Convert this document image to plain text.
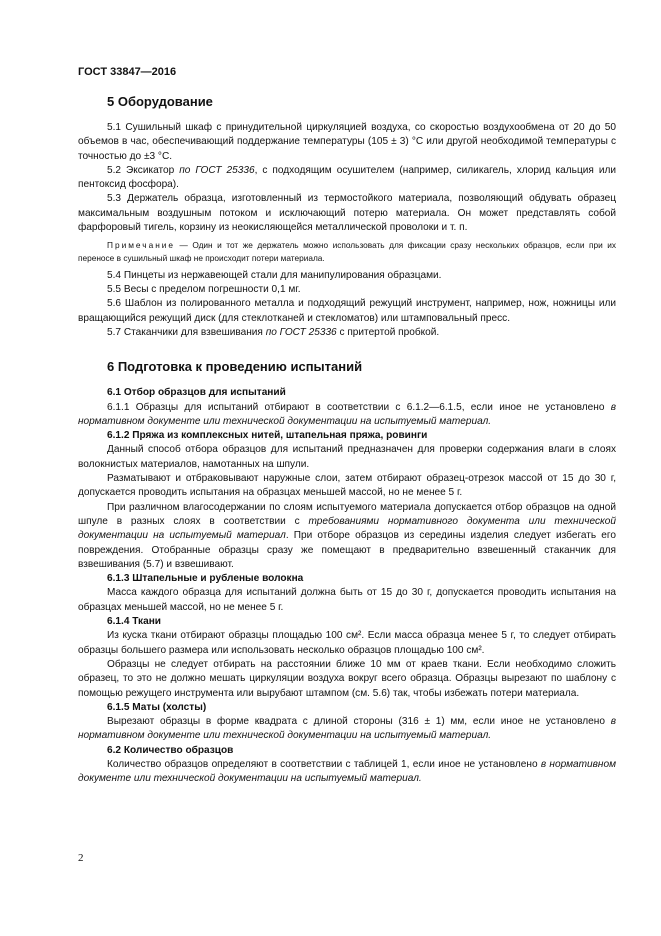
ГОСТ 33847—2016
5 Оборудование

5.1 Сушильный шкаф с принудительной циркуляцией воздуха, со скоростью воздухообмена от 20 до 50 объемов в час, обеспечивающий поддержание температуры (105 ± 3) °С или другой необходимой температуры с точностью до ±3 °С.

5.2 Эксикатор по ГОСТ 25336, с подходящим осушителем (например, силикагель, хлорид кальция или пентоксид фосфора).

5.3 Держатель образца, изготовленный из термостойкого материала, позволяющий обдувать образец максимальным воздушным потоком и исключающий потерю материала. Он может представлять собой фарфоровый тигель, корзину из неокисляющейся металлической проволоки и т. п.

Примечание — Один и тот же держатель можно использовать для фиксации сразу нескольких образцов, если при их переносе в сушильный шкаф не происходит потери материала.

5.4 Пинцеты из нержавеющей стали для манипулирования образцами.

5.5 Весы с пределом погрешности 0,1 мг.

5.6 Шаблон из полированного металла и подходящий режущий инструмент, например, нож, ножницы или вращающийся режущий диск (для стеклотканей и стекломатов) или штамповальный пресс.

5.7 Стаканчики для взвешивания по ГОСТ 25336 с притертой пробкой.

6 Подготовка к проведению испытаний

6.1 Отбор образцов для испытаний

6.1.1 Образцы для испытаний отбирают в соответствии с 6.1.2—6.1.5, если иное не установлено в нормативном документе или технической документации на испытуемый материал.

6.1.2 Пряжа из комплексных нитей, штапельная пряжа, ровинги

Данный способ отбора образцов для испытаний предназначен для проверки содержания влаги в слоях волокнистых материалов, намотанных на шпули.

Разматывают и отбраковывают наружные слои, затем отбирают образец-отрезок массой от 15 до 30 г, допускается проводить испытания на образцах меньшей массой, но не менее 5 г.

При различном влагосодержании по слоям испытуемого материала допускается отбор образцов на одной шпуле в разных слоях в соответствии с требованиями нормативного документа или технической документации на испытуемый материал. При отборе образцов из середины изделия следует избегать его повреждения. Отобранные образцы сразу же помещают в предварительно взвешенный стаканчик для взвешивания (5.7) и взвешивают.

6.1.3 Штапельные и рубленые волокна

Масса каждого образца для испытаний должна быть от 15 до 30 г, допускается проводить испытания на образцах меньшей массой, но не менее 5 г.

6.1.4 Ткани

Из куска ткани отбирают образцы площадью 100 см². Если масса образца менее 5 г, то следует отбирать образцы большего размера или использовать несколько образцов площадью 100 см².

Образцы не следует отбирать на расстоянии ближе 10 мм от краев ткани. Если необходимо сложить образец, то это не должно мешать циркуляции воздуха вокруг всего образца. Образцы вырезают по шаблону с помощью режущего инструмента или вырубают штампом (см. 5.6) так, чтобы избежать потери материала.

6.1.5 Маты (холсты)

Вырезают образцы в форме квадрата с длиной стороны (316 ± 1) мм, если иное не установлено в нормативном документе или технической документации на испытуемый материал.

6.2 Количество образцов

Количество образцов определяют в соответствии с таблицей 1, если иное не установлено в нормативном документе или технической документации на испытуемый материал.

2
